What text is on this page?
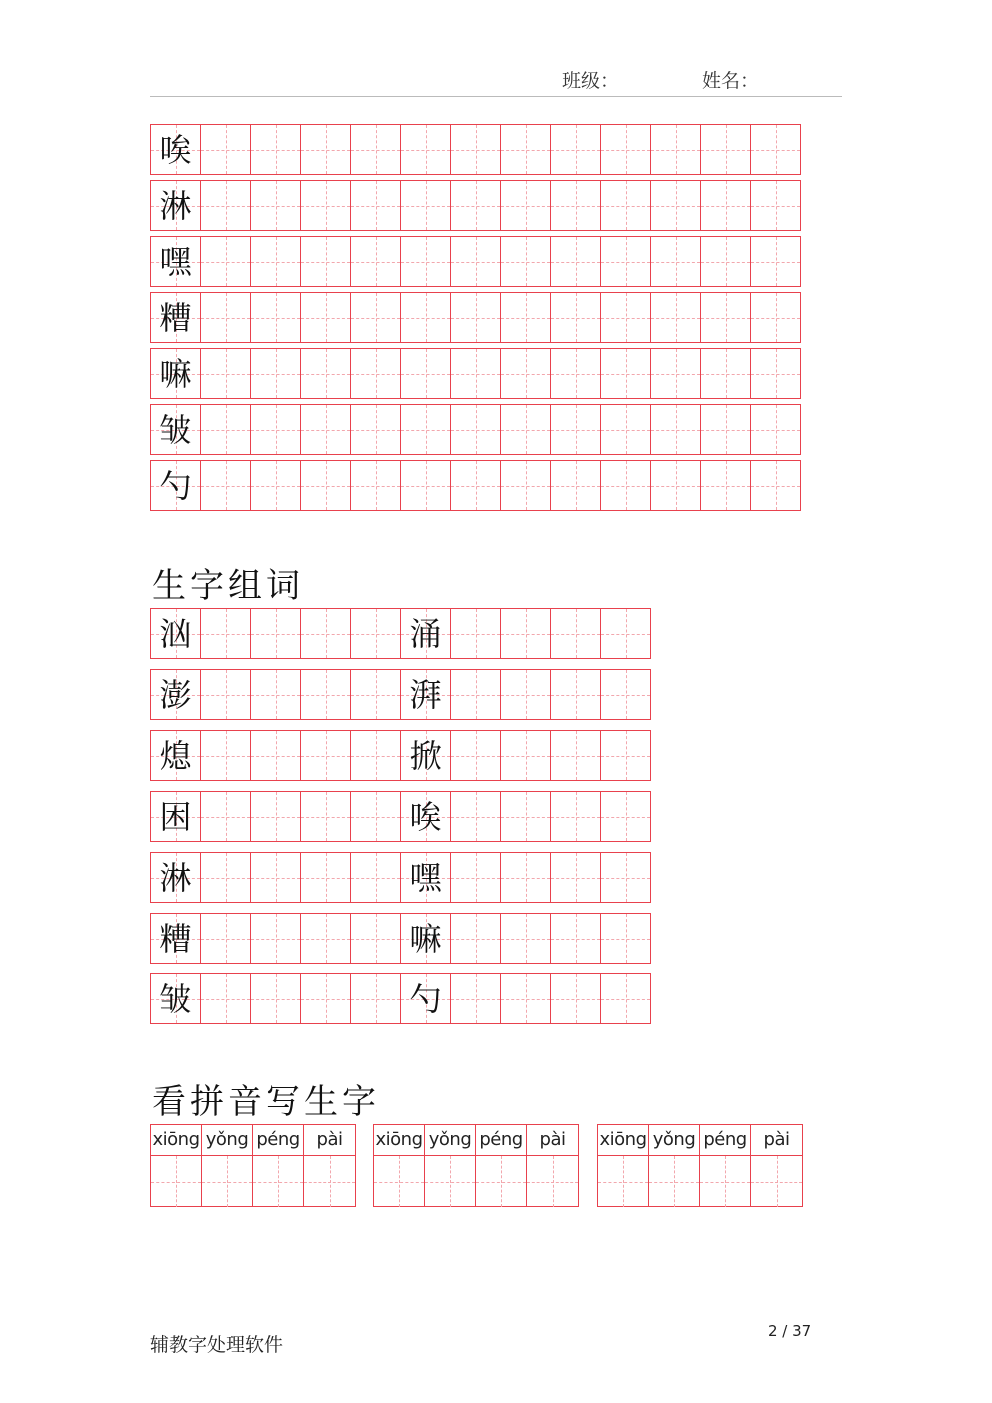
班级：	姓名：
唉
淋
嘿
糟
嘛
皱
勺
生字组词
汹	涌
澎	湃
熄	掀
困	唉
淋	嘿
糟	嘛
皱	勺
看拼音写生字
xiōng yǒng péng pài	xiōng yǒng péng pài	xiōng yǒng péng pài
辅教字处理软件
2 / 37
